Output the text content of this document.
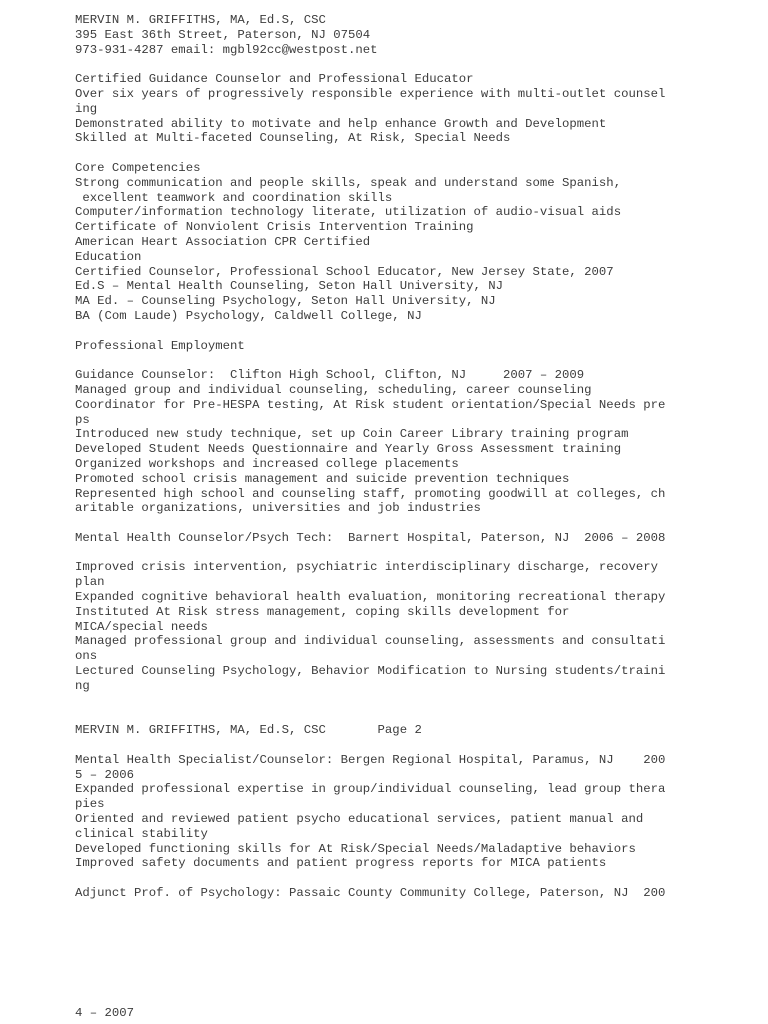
MERVIN M. GRIFFITHS, MA, Ed.S, CSC
395 East 36th Street, Paterson, NJ 07504
973-931-4287 email: mgbl92cc@westpost.net
Certified Guidance Counselor and Professional Educator
Over six years of progressively responsible experience with multi-outlet counsel
ing
Demonstrated ability to motivate and help enhance Growth and Development
Skilled at Multi-faceted Counseling, At Risk, Special Needs
Core Competencies
Strong communication and people skills, speak and understand some Spanish,
excellent teamwork and coordination skills
Computer/information technology literate, utilization of audio-visual aids
Certificate of Nonviolent Crisis Intervention Training
American Heart Association CPR Certified
Education
Certified Counselor, Professional School Educator, New Jersey State, 2007
Ed.S – Mental Health Counseling, Seton Hall University, NJ
MA Ed. – Counseling Psychology, Seton Hall University, NJ
BA (Com Laude) Psychology, Caldwell College, NJ
Professional Employment
Guidance Counselor:  Clifton High School, Clifton, NJ     2007 – 2009
Managed group and individual counseling, scheduling, career counseling
Coordinator for Pre-HESPA testing, At Risk student orientation/Special Needs pre
ps
Introduced new study technique, set up Coin Career Library training program
Developed Student Needs Questionnaire and Yearly Gross Assessment training
Organized workshops and increased college placements
Promoted school crisis management and suicide prevention techniques
Represented high school and counseling staff, promoting goodwill at colleges, ch
aritable organizations, universities and job industries
Mental Health Counselor/Psych Tech:  Barnert Hospital, Paterson, NJ  2006 – 2008
Improved crisis intervention, psychiatric interdisciplinary discharge, recovery
plan
Expanded cognitive behavioral health evaluation, monitoring recreational therapy
Instituted At Risk stress management, coping skills development for
MICA/special needs
Managed professional group and individual counseling, assessments and consultati
ons
Lectured Counseling Psychology, Behavior Modification to Nursing students/traini
ng
MERVIN M. GRIFFITHS, MA, Ed.S, CSC       Page 2
Mental Health Specialist/Counselor: Bergen Regional Hospital, Paramus, NJ    200
5 – 2006
Expanded professional expertise in group/individual counseling, lead group thera
pies
Oriented and reviewed patient psycho educational services, patient manual and
clinical stability
Developed functioning skills for At Risk/Special Needs/Maladaptive behaviors
Improved safety documents and patient progress reports for MICA patients
Adjunct Prof. of Psychology: Passaic County Community College, Paterson, NJ  200
4 – 2007
